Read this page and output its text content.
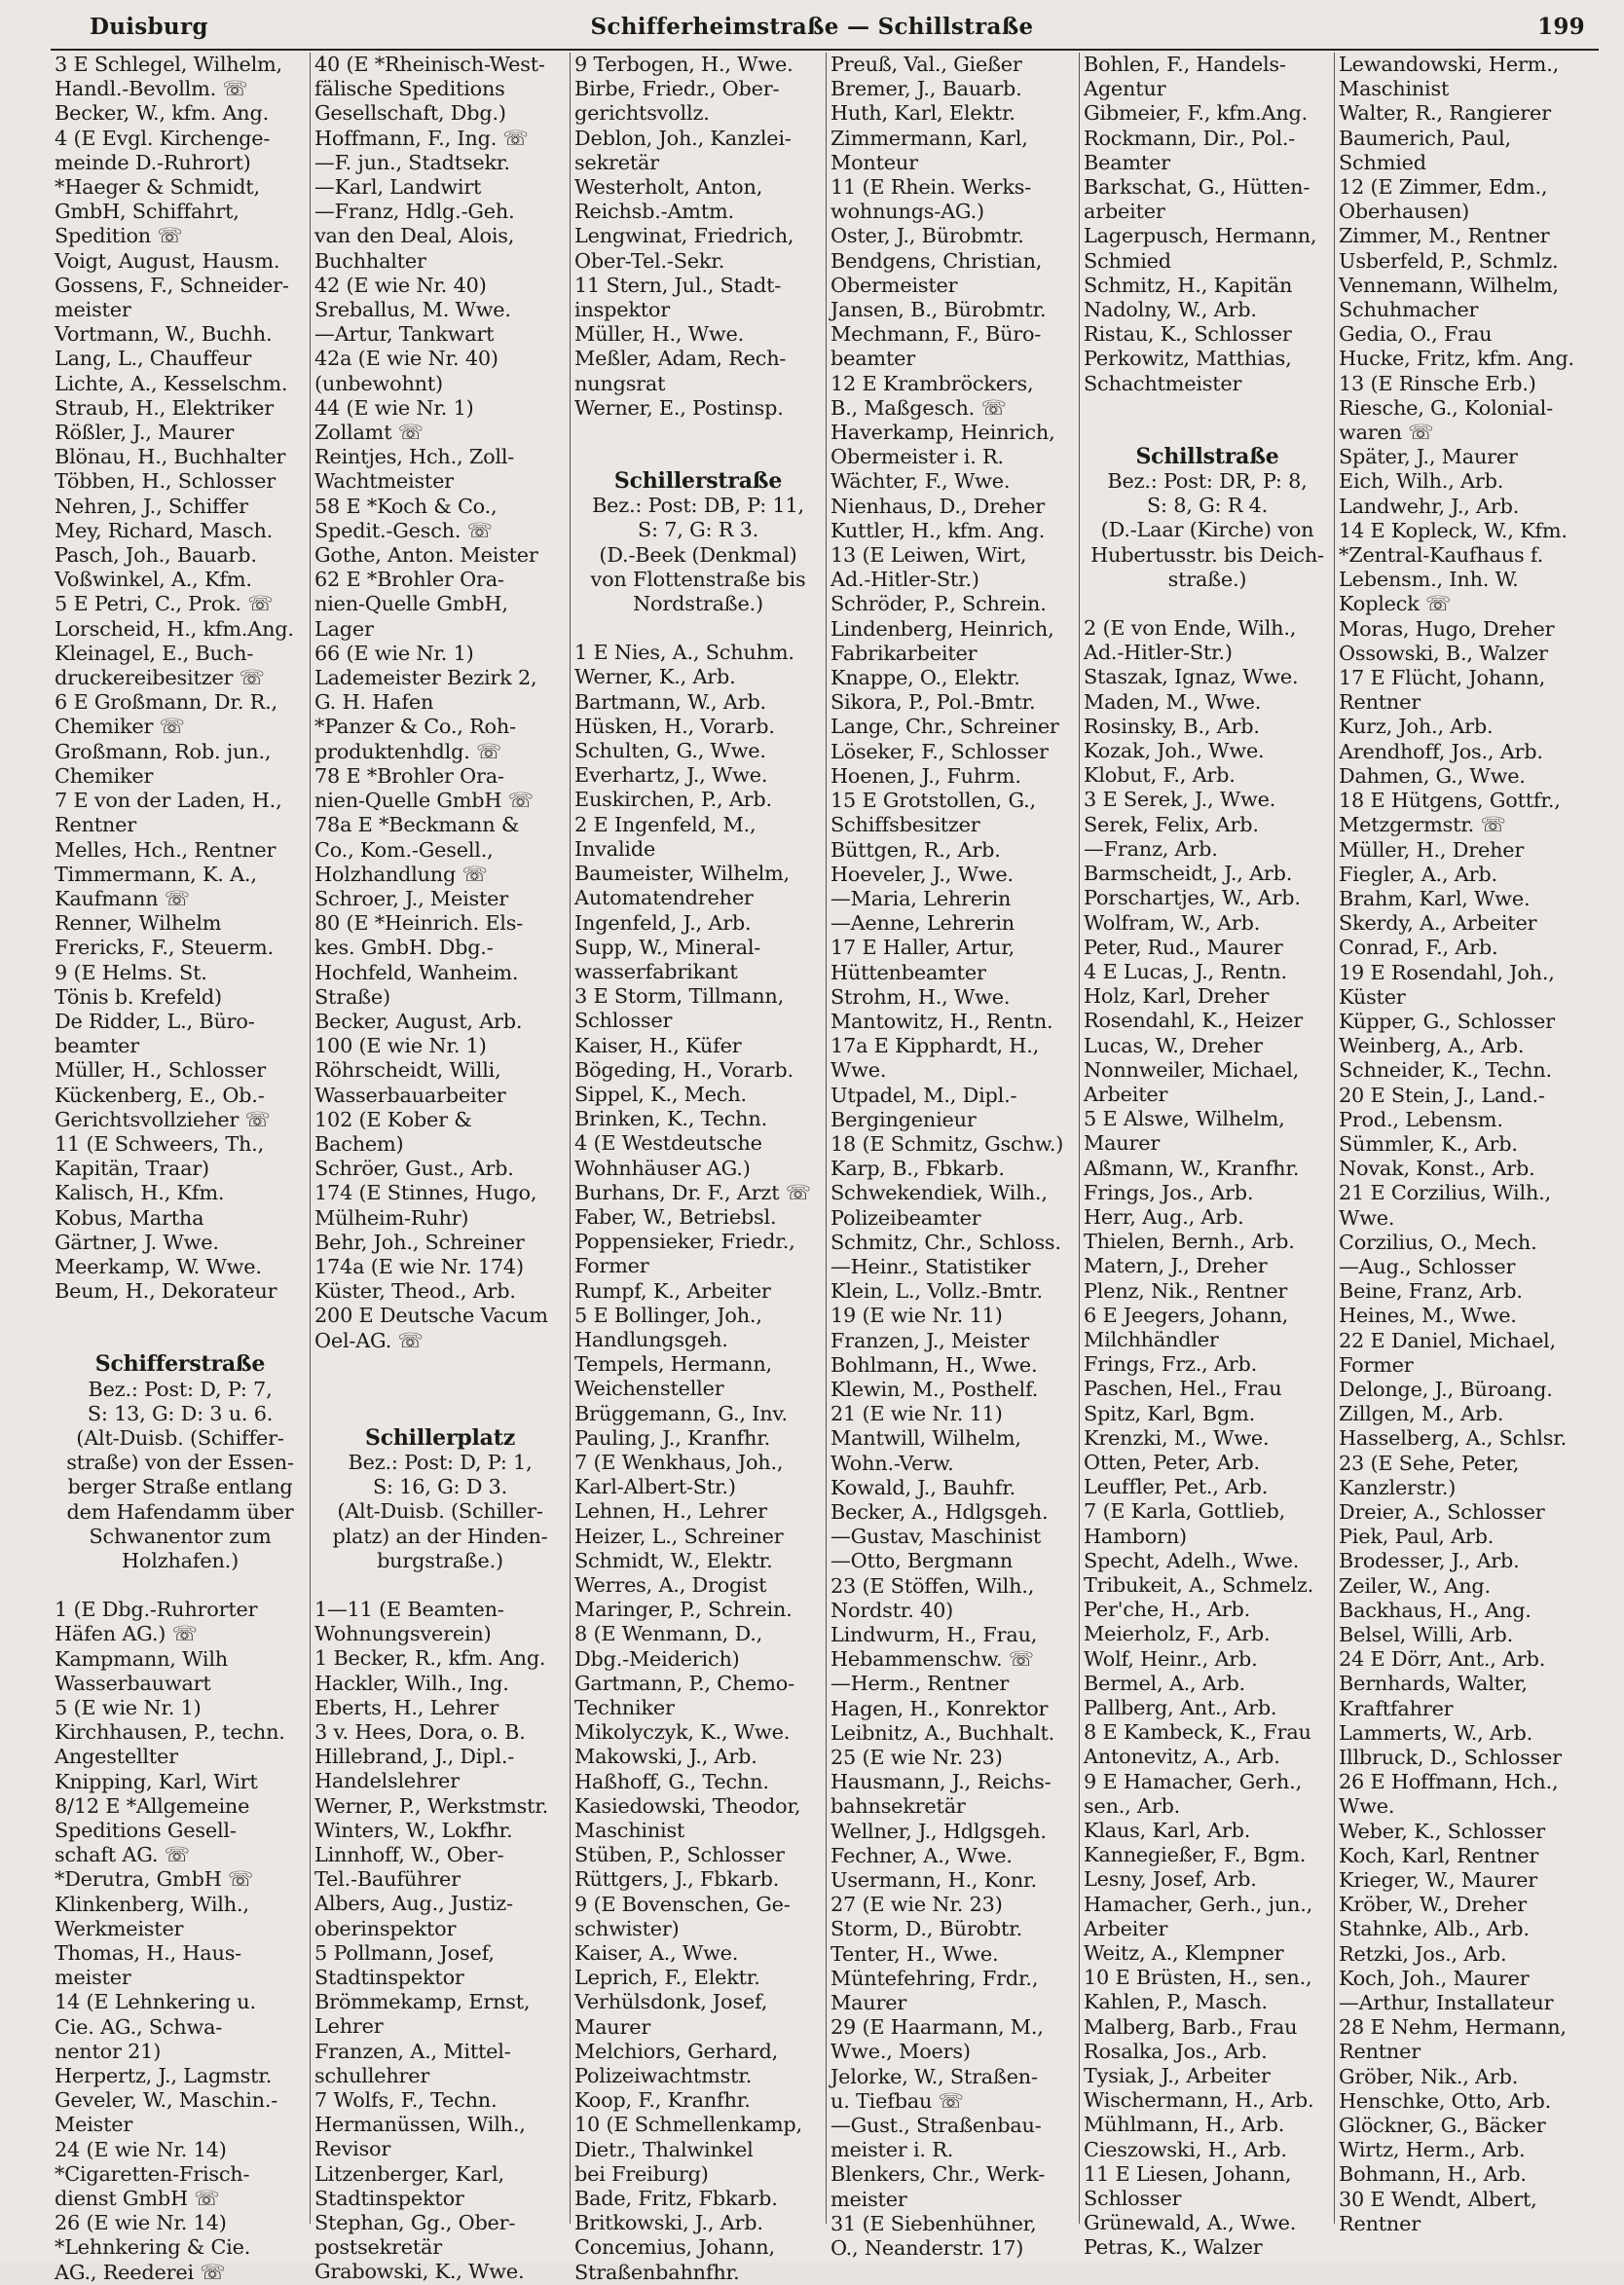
Duisburg	Schifferheimstraße — Schillstraße	199
3 E Schlegel, Wilhelm,
Handl.-Bevollm. ☏
Becker, W., kfm. Ang.
4 (E Evgl. Kirchenge-
meinde D.-Ruhrort)
*Haeger & Schmidt,
GmbH, Schiffahrt,
Spedition ☏
Voigt, August, Hausm.
Gossens, F., Schneider-
meister
Vortmann, W., Buchh.
Lang, L., Chauffeur
Lichte, A., Kesselschm.
Straub, H., Elektriker
Rößler, J., Maurer
Blönau, H., Buchhalter
Többen, H., Schlosser
Nehren, J., Schiffer
Mey, Richard, Masch.
Pasch, Joh., Bauarb.
Voßwinkel, A., Kfm.
5 E Petri, C., Prok. ☏
Lorscheid, H., kfm.Ang.
Kleinagel, E., Buch-
druckereibesitzer ☏
6 E Großmann, Dr. R.,
Chemiker ☏
Großmann, Rob. jun.,
Chemiker
7 E von der Laden, H.,
Rentner
Melles, Hch., Rentner
Timmermann, K. A.,
Kaufmann ☏
Renner, Wilhelm
Frericks, F., Steuerm.
9 (E Helms. St.
Tönis b. Krefeld)
De Ridder, L., Büro-
beamter
Müller, H., Schlosser
Kückenberg, E., Ob.-
Gerichtsvollzieher ☏
11 (E Schweers, Th.,
Kapitän, Traar)
Kalisch, H., Kfm.
Kobus, Martha
Gärtner, J. Wwe.
Meerkamp, W. Wwe.
Beum, H., Dekorateur
Schifferstraße
Bez.: Post: D, P: 7,
S: 13, G: D: 3 u. 6.
(Alt-Duisb. (Schiffer-
straße) von der Essen-
berger Straße entlang
dem Hafendamm über
Schwanentor zum
Holzhafen.)
1 (E Dbg.-Ruhrorter
Häfen AG.) ☏
Kampmann, Wilh
Wasserbauwart
5 (E wie Nr. 1)
Kirchhausen, P., techn.
Angestellter
Knipping, Karl, Wirt
8/12 E *Allgemeine
Speditions Gesell-
schaft AG. ☏
*Derutra, GmbH ☏
Klinkenberg, Wilh.,
Werkmeister
Thomas, H., Haus-
meister
14 (E Lehnkering u.
Cie. AG., Schwa-
nentor 21)
Herpertz, J., Lagmstr.
Geveler, W., Maschin.-
Meister
24 (E wie Nr. 14)
*Cigaretten-Frisch-
dienst GmbH ☏
26 (E wie Nr. 14)
*Lehnkering & Cie.
AG., Reederei ☏
40 (E *Rheinisch-West-
fälische Speditions
Gesellschaft, Dbg.)
Hoffmann, F., Ing. ☏
—F. jun., Stadtsekr.
—Karl, Landwirt
—Franz, Hdlg.-Geh.
van den Deal, Alois,
Buchhalter
42 (E wie Nr. 40)
Sreballus, M. Wwe.
—Artur, Tankwart
42a (E wie Nr. 40)
(unbewohnt)
44 (E wie Nr. 1)
Zollamt ☏
Reintjes, Hch., Zoll-
Wachtmeister
58 E *Koch & Co.,
Spedit.-Gesch. ☏
Gothe, Anton. Meister
62 E *Brohler Ora-
nien-Quelle GmbH,
Lager
66 (E wie Nr. 1)
Lademeister Bezirk 2,
G. H. Hafen
*Panzer & Co., Roh-
produktenhdlg. ☏
78 E *Brohler Ora-
nien-Quelle GmbH ☏
78a E *Beckmann &
Co., Kom.-Gesell.,
Holzhandlung ☏
Schroer, J., Meister
80 (E *Heinrich. Els-
kes. GmbH. Dbg.-
Hochfeld, Wanheim.
Straße)
Becker, August, Arb.
100 (E wie Nr. 1)
Röhrscheidt, Willi,
Wasserbauarbeiter
102 (E Kober &
Bachem)
Schröer, Gust., Arb.
174 (E Stinnes, Hugo,
Mülheim-Ruhr)
Behr, Joh., Schreiner
174a (E wie Nr. 174)
Küster, Theod., Arb.
200 E Deutsche Vacum
Oel-AG. ☏
Schillerplatz
Bez.: Post: D, P: 1,
S: 16, G: D 3.
(Alt-Duisb. (Schiller-
platz) an der Hinden-
burgstraße.)
1—11 (E Beamten-
Wohnungsverein)
1 Becker, R., kfm. Ang.
Hackler, Wilh., Ing.
Eberts, H., Lehrer
3 v. Hees, Dora, o. B.
Hillebrand, J., Dipl.-
Handelslehrer
Werner, P., Werkstmstr.
Winters, W., Lokfhr.
Linnhoff, W., Ober-
Tel.-Bauführer
Albers, Aug., Justiz-
oberinspektor
5 Pollmann, Josef,
Stadtinspektor
Brömmekamp, Ernst,
Lehrer
Franzen, A., Mittel-
schullehrer
7 Wolfs, F., Techn.
Hermanüssen, Wilh.,
Revisor
Litzenberger, Karl,
Stadtinspektor
Stephan, Gg., Ober-
postsekretär
Grabowski, K., Wwe.
9 Terbogen, H., Wwe.
Birbe, Friedr., Ober-
gerichtsvollz.
Deblon, Joh., Kanzlei-
sekretär
Westerholt, Anton,
Reichsb.-Amtm.
Lengwinat, Friedrich,
Ober-Tel.-Sekr.
11 Stern, Jul., Stadt-
inspektor
Müller, H., Wwe.
Meßler, Adam, Rech-
nungsrat
Werner, E., Postinsp.
Schillerstraße
Bez.: Post: DB, P: 11,
S: 7, G: R 3.
(D.-Beek (Denkmal)
von Flottenstraße bis
Nordstraße.)
1 E Nies, A., Schuhm.
Werner, K., Arb.
Bartmann, W., Arb.
Hüsken, H., Vorarb.
Schulten, G., Wwe.
Everhartz, J., Wwe.
Euskirchen, P., Arb.
2 E Ingenfeld, M.,
Invalide
Baumeister, Wilhelm,
Automatendreher
Ingenfeld, J., Arb.
Supp, W., Mineral-
wasserfabrikant
3 E Storm, Tillmann,
Schlosser
Kaiser, H., Küfer
Bögeding, H., Vorarb.
Sippel, K., Mech.
Brinken, K., Techn.
4 (E Westdeutsche
Wohnhäuser AG.)
Burhans, Dr. F., Arzt ☏
Faber, W., Betriebsl.
Poppensieker, Friedr.,
Former
Rumpf, K., Arbeiter
5 E Bollinger, Joh.,
Handlungsgeh.
Tempels, Hermann,
Weichensteller
Brüggemann, G., Inv.
Pauling, J., Kranfhr.
7 (E Wenkhaus, Joh.,
Karl-Albert-Str.)
Lehnen, H., Lehrer
Heizer, L., Schreiner
Schmidt, W., Elektr.
Werres, A., Drogist
Maringer, P., Schrein.
8 (E Wenmann, D.,
Dbg.-Meiderich)
Gartmann, P., Chemo-
Techniker
Mikolyczyk, K., Wwe.
Makowski, J., Arb.
Haßhoff, G., Techn.
Kasiedowski, Theodor,
Maschinist
Stüben, P., Schlosser
Rüttgers, J., Fbkarb.
9 (E Bovenschen, Ge-
schwister)
Kaiser, A., Wwe.
Leprich, F., Elektr.
Verhülsdonk, Josef,
Maurer
Melchiors, Gerhard,
Polizeiwachtmstr.
Koop, F., Kranfhr.
10 (E Schmellenkamp,
Dietr., Thalwinkel
bei Freiburg)
Bade, Fritz, Fbkarb.
Britkowski, J., Arb.
Concemius, Johann,
Straßenbahnfhr.
Preuß, Val., Gießer
Bremer, J., Bauarb.
Huth, Karl, Elektr.
Zimmermann, Karl,
Monteur
11 (E Rhein. Werks-
wohnungs-AG.)
Oster, J., Bürobmtr.
Bendgens, Christian,
Obermeister
Jansen, B., Bürobmtr.
Mechmann, F., Büro-
beamter
12 E Krambröckers,
B., Maßgesch. ☏
Haverkamp, Heinrich,
Obermeister i. R.
Wächter, F., Wwe.
Nienhaus, D., Dreher
Kuttler, H., kfm. Ang.
13 (E Leiwen, Wirt,
Ad.-Hitler-Str.)
Schröder, P., Schrein.
Lindenberg, Heinrich,
Fabrikarbeiter
Knappe, O., Elektr.
Sikora, P., Pol.-Bmtr.
Lange, Chr., Schreiner
Löseker, F., Schlosser
Hoenen, J., Fuhrm.
15 E Grotstollen, G.,
Schiffsbesitzer
Büttgen, R., Arb.
Hoeveler, J., Wwe.
—Maria, Lehrerin
—Aenne, Lehrerin
17 E Haller, Artur,
Hüttenbeamter
Strohm, H., Wwe.
Mantowitz, H., Rentn.
17a E Kipphardt, H.,
Wwe.
Utpadel, M., Dipl.-
Bergingenieur
18 (E Schmitz, Gschw.)
Karp, B., Fbkarb.
Schwekendiek, Wilh.,
Polizeibeamter
Schmitz, Chr., Schloss.
—Heinr., Statistiker
Klein, L., Vollz.-Bmtr.
19 (E wie Nr. 11)
Franzen, J., Meister
Bohlmann, H., Wwe.
Klewin, M., Posthelf.
21 (E wie Nr. 11)
Mantwill, Wilhelm,
Wohn.-Verw.
Kowald, J., Bauhfr.
Becker, A., Hdlgsgeh.
—Gustav, Maschinist
—Otto, Bergmann
23 (E Stöffen, Wilh.,
Nordstr. 40)
Lindwurm, H., Frau,
Hebammenschw. ☏
—Herm., Rentner
Hagen, H., Konrektor
Leibnitz, A., Buchhalt.
25 (E wie Nr. 23)
Hausmann, J., Reichs-
bahnsekretär
Wellner, J., Hdlgsgeh.
Fechner, A., Wwe.
Usermann, H., Konr.
27 (E wie Nr. 23)
Storm, D., Bürobtr.
Tenter, H., Wwe.
Müntefehring, Frdr.,
Maurer
29 (E Haarmann, M.,
Wwe., Moers)
Jelorke, W., Straßen-
u. Tiefbau ☏
—Gust., Straßenbau-
meister i. R.
Blenkers, Chr., Werk-
meister
31 (E Siebenhühner,
O., Neanderstr. 17)
Bohlen, F., Handels-
Agentur
Gibmeier, F., kfm.Ang.
Rockmann, Dir., Pol.-
Beamter
Barkschat, G., Hütten-
arbeiter
Lagerpusch, Hermann,
Schmied
Schmitz, H., Kapitän
Nadolny, W., Arb.
Ristau, K., Schlosser
Perkowitz, Matthias,
Schachtmeister
Schillstraße
Bez.: Post: DR, P: 8,
S: 8, G: R 4.
(D.-Laar (Kirche) von
Hubertusstr. bis Deich-
straße.)
2 (E von Ende, Wilh.,
Ad.-Hitler-Str.)
Staszak, Ignaz, Wwe.
Maden, M., Wwe.
Rosinsky, B., Arb.
Kozak, Joh., Wwe.
Klobut, F., Arb.
3 E Serek, J., Wwe.
Serek, Felix, Arb.
—Franz, Arb.
Barmscheidt, J., Arb.
Porschartjes, W., Arb.
Wolfram, W., Arb.
Peter, Rud., Maurer
4 E Lucas, J., Rentn.
Holz, Karl, Dreher
Rosendahl, K., Heizer
Lucas, W., Dreher
Nonnweiler, Michael,
Arbeiter
5 E Alswe, Wilhelm,
Maurer
Aßmann, W., Kranfhr.
Frings, Jos., Arb.
Herr, Aug., Arb.
Thielen, Bernh., Arb.
Matern, J., Dreher
Plenz, Nik., Rentner
6 E Jeegers, Johann,
Milchhändler
Frings, Frz., Arb.
Paschen, Hel., Frau
Spitz, Karl, Bgm.
Krenzki, M., Wwe.
Otten, Peter, Arb.
Leuffler, Pet., Arb.
7 (E Karla, Gottlieb,
Hamborn)
Specht, Adelh., Wwe.
Tribukeit, A., Schmelz.
Per'che, H., Arb.
Meierholz, F., Arb.
Wolf, Heinr., Arb.
Bermel, A., Arb.
Pallberg, Ant., Arb.
8 E Kambeck, K., Frau
Antonevitz, A., Arb.
9 E Hamacher, Gerh.,
sen., Arb.
Klaus, Karl, Arb.
Kannegießer, F., Bgm.
Lesny, Josef, Arb.
Hamacher, Gerh., jun.,
Arbeiter
Weitz, A., Klempner
10 E Brüsten, H., sen.,
Kahlen, P., Masch.
Malberg, Barb., Frau
Rosalka, Jos., Arb.
Tysiak, J., Arbeiter
Wischermann, H., Arb.
Mühlmann, H., Arb.
Cieszowski, H., Arb.
11 E Liesen, Johann,
Schlosser
Grünewald, A., Wwe.
Petras, K., Walzer
Lewandowski, Herm.,
Maschinist
Walter, R., Rangierer
Baumerich, Paul,
Schmied
12 (E Zimmer, Edm.,
Oberhausen)
Zimmer, M., Rentner
Usberfeld, P., Schmlz.
Vennemann, Wilhelm,
Schuhmacher
Gedia, O., Frau
Hucke, Fritz, kfm. Ang.
13 (E Rinsche Erb.)
Riesche, G., Kolonial-
waren ☏
Später, J., Maurer
Eich, Wilh., Arb.
Landwehr, J., Arb.
14 E Kopleck, W., Kfm.
*Zentral-Kaufhaus f.
Lebensm., Inh. W.
Kopleck ☏
Moras, Hugo, Dreher
Ossowski, B., Walzer
17 E Flücht, Johann,
Rentner
Kurz, Joh., Arb.
Arendhoff, Jos., Arb.
Dahmen, G., Wwe.
18 E Hütgens, Gottfr.,
Metzgermstr. ☏
Müller, H., Dreher
Fiegler, A., Arb.
Brahm, Karl, Wwe.
Skerdy, A., Arbeiter
Conrad, F., Arb.
19 E Rosendahl, Joh.,
Küster
Küpper, G., Schlosser
Weinberg, A., Arb.
Schneider, K., Techn.
20 E Stein, J., Land.-
Prod., Lebensm.
Sümmler, K., Arb.
Novak, Konst., Arb.
21 E Corzilius, Wilh.,
Wwe.
Corzilius, O., Mech.
—Aug., Schlosser
Beine, Franz, Arb.
Heines, M., Wwe.
22 E Daniel, Michael,
Former
Delonge, J., Büroang.
Zillgen, M., Arb.
Hasselberg, A., Schlsr.
23 (E Sehe, Peter,
Kanzlerstr.)
Dreier, A., Schlosser
Piek, Paul, Arb.
Brodesser, J., Arb.
Zeiler, W., Ang.
Backhaus, H., Ang.
Belsel, Willi, Arb.
24 E Dörr, Ant., Arb.
Bernhards, Walter,
Kraftfahrer
Lammerts, W., Arb.
Illbruck, D., Schlosser
26 E Hoffmann, Hch.,
Wwe.
Weber, K., Schlosser
Koch, Karl, Rentner
Krieger, W., Maurer
Kröber, W., Dreher
Stahnke, Alb., Arb.
Retzki, Jos., Arb.
Koch, Joh., Maurer
—Arthur, Installateur
28 E Nehm, Hermann,
Rentner
Gröber, Nik., Arb.
Henschke, Otto, Arb.
Glöckner, G., Bäcker
Wirtz, Herm., Arb.
Bohmann, H., Arb.
30 E Wendt, Albert,
Rentner
